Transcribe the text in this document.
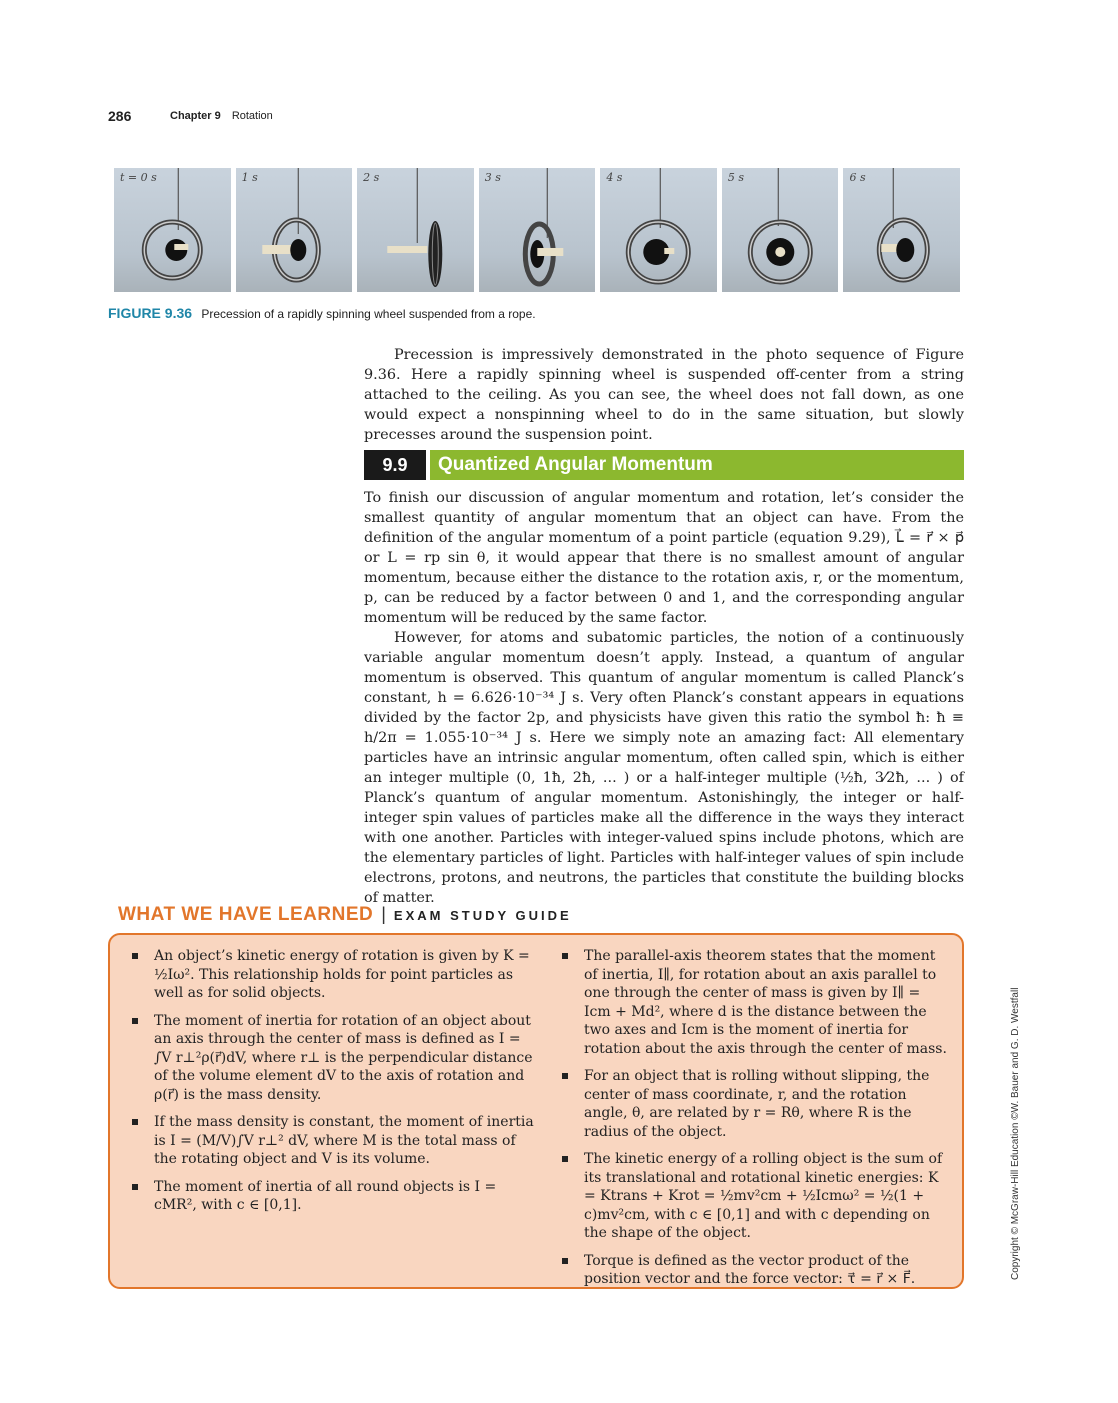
286	Chapter 9 Rotation
t = 0 s	1 s	2 s	3 s	4 s	5 s	6 s
FIGURE 9.36 Precession of a rapidly spinning wheel suspended from a rope.

Precession is impressively demonstrated in the photo sequence of Figure 9.36. Here a rapidly spinning wheel is suspended off-center from a string attached to the ceiling. As you can see, the wheel does not fall down, as one would expect a nonspinning wheel to do in the same situation, but slowly precesses around the suspension point.

9.9	Quantized Angular Momentum

To finish our discussion of angular momentum and rotation, let’s consider the smallest quantity of angular momentum that an object can have. From the definition of the angular momentum of a point particle (equation 9.29), L⃗ = r⃗ × p⃗ or L = rp sin θ, it would appear that there is no smallest amount of angular momentum, because either the distance to the rotation axis, r, or the momentum, p, can be reduced by a factor between 0 and 1, and the corresponding angular momentum will be reduced by the same factor.

However, for atoms and subatomic particles, the notion of a continuously variable angular momentum doesn’t apply. Instead, a quantum of angular momentum is observed. This quantum of angular momentum is called Planck’s constant, h = 6.626·10⁻³⁴ J s. Very often Planck’s constant appears in equations divided by the factor 2p, and physicists have given this ratio the symbol ħ: ħ ≡ h/2π = 1.055·10⁻³⁴ J s. Here we simply note an amazing fact: All elementary particles have an intrinsic angular momentum, often called spin, which is either an integer multiple (0, 1ħ, 2ħ, ... ) or a half-integer multiple (½ħ, 3⁄2ħ, ... ) of Planck’s quantum of angular momentum. Astonishingly, the integer or half-integer spin values of particles make all the difference in the ways they interact with one another. Particles with integer-valued spins include photons, which are the elementary particles of light. Particles with half-integer values of spin include electrons, protons, and neutrons, the particles that constitute the building blocks of matter.

WHAT WE HAVE LEARNED | EXAM STUDY GUIDE
An object’s kinetic energy of rotation is given by K = ½Iω². This relationship holds for point particles as well as for solid objects.
The moment of inertia for rotation of an object about an axis through the center of mass is defined as I = ∫V r⊥²ρ(r⃗)dV, where r⊥ is the perpendicular distance of the volume element dV to the axis of rotation and ρ(r⃗) is the mass density.
If the mass density is constant, the moment of inertia is I = (M/V)∫V r⊥² dV, where M is the total mass of the rotating object and V is its volume.
The moment of inertia of all round objects is I = cMR², with c ∈ [0,1].
The parallel-axis theorem states that the moment of inertia, I∥, for rotation about an axis parallel to one through the center of mass is given by I∥ = Icm + Md², where d is the distance between the two axes and Icm is the moment of inertia for rotation about the axis through the center of mass.
For an object that is rolling without slipping, the center of mass coordinate, r, and the rotation angle, θ, are related by r = Rθ, where R is the radius of the object.
The kinetic energy of a rolling object is the sum of its translational and rotational kinetic energies: K = Ktrans + Krot = ½mv²cm + ½Icmω² = ½(1 + c)mv²cm, with c ∈ [0,1] and with c depending on the shape of the object.
Torque is defined as the vector product of the position vector and the force vector: τ⃗ = r⃗ × F⃗.	Copyright © McGraw-Hill Education ©W. Bauer and G. D. Westfall
